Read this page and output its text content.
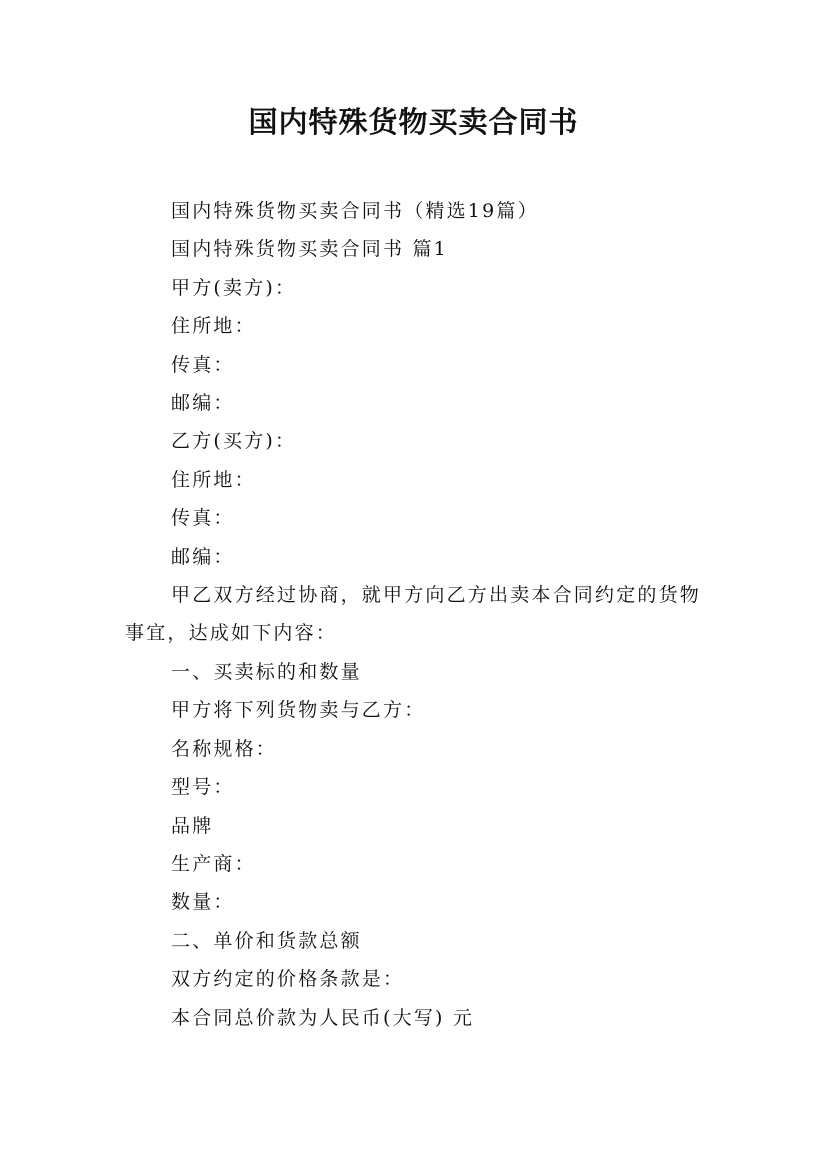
国内特殊货物买卖合同书

国内特殊货物买卖合同书（精选19篇）

国内特殊货物买卖合同书 篇1

甲方(卖方)：

住所地：

传真：

邮编：

乙方(买方)：

住所地：

传真：

邮编：

甲乙双方经过协商，就甲方向乙方出卖本合同约定的货物事宜，达成如下内容：

一、买卖标的和数量

甲方将下列货物卖与乙方：

名称规格：

型号：

品牌

生产商：

数量：

二、单价和货款总额

双方约定的价格条款是：

本合同总价款为人民币(大写) 元
